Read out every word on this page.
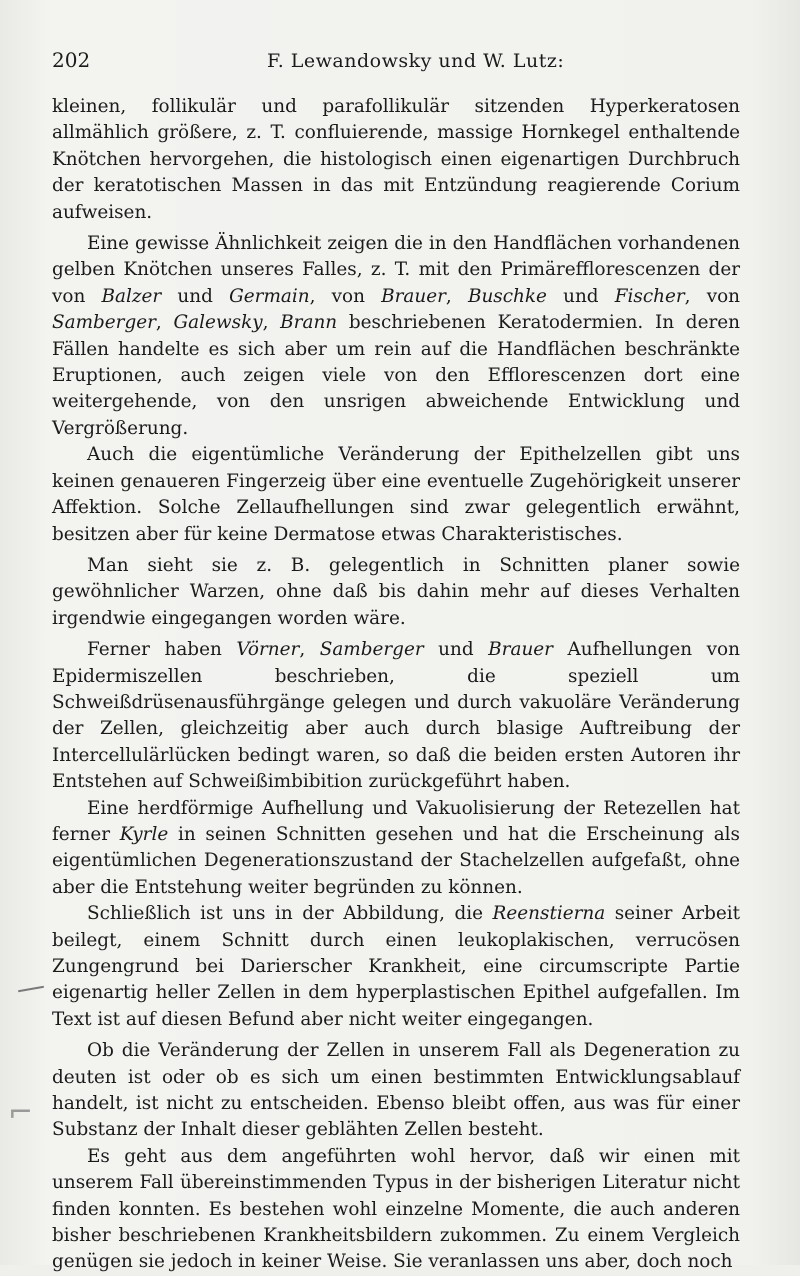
202	F. Lewandowsky und W. Lutz:

kleinen, follikulär und parafollikulär sitzenden Hyperkeratosen allmählich größere, z. T. confluierende, massige Hornkegel enthaltende Knötchen hervorgehen, die histologisch einen eigenartigen Durchbruch der keratotischen Massen in das mit Entzündung reagierende Corium aufweisen.

Eine gewisse Ähnlichkeit zeigen die in den Handflächen vorhandenen gelben Knötchen unseres Falles, z. T. mit den Primärefflorescenzen der von Balzer und Germain, von Brauer, Buschke und Fischer, von Samberger, Galewsky, Brann beschriebenen Keratodermien. In deren Fällen handelte es sich aber um rein auf die Handflächen beschränkte Eruptionen, auch zeigen viele von den Efflorescenzen dort eine weitergehende, von den unsrigen abweichende Entwicklung und Vergrößerung.

Auch die eigentümliche Veränderung der Epithelzellen gibt uns keinen genaueren Fingerzeig über eine eventuelle Zugehörigkeit unserer Affektion. Solche Zellaufhellungen sind zwar gelegentlich erwähnt, besitzen aber für keine Dermatose etwas Charakteristisches.

Man sieht sie z. B. gelegentlich in Schnitten planer sowie gewöhnlicher Warzen, ohne daß bis dahin mehr auf dieses Verhalten irgendwie eingegangen worden wäre.

Ferner haben Vörner, Samberger und Brauer Aufhellungen von Epidermiszellen beschrieben, die speziell um Schweißdrüsenausführgänge gelegen und durch vakuoläre Veränderung der Zellen, gleichzeitig aber auch durch blasige Auftreibung der Intercellulärlücken bedingt waren, so daß die beiden ersten Autoren ihr Entstehen auf Schweißimbibition zurückgeführt haben.

Eine herdförmige Aufhellung und Vakuolisierung der Retezellen hat ferner Kyrle in seinen Schnitten gesehen und hat die Erscheinung als eigentümlichen Degenerationszustand der Stachelzellen aufgefaßt, ohne aber die Entstehung weiter begründen zu können.

Schließlich ist uns in der Abbildung, die Reenstierna seiner Arbeit beilegt, einem Schnitt durch einen leukoplakischen, verrucösen Zungengrund bei Darierscher Krankheit, eine circumscripte Partie eigenartig heller Zellen in dem hyperplastischen Epithel aufgefallen. Im Text ist auf diesen Befund aber nicht weiter eingegangen.

Ob die Veränderung der Zellen in unserem Fall als Degeneration zu deuten ist oder ob es sich um einen bestimmten Entwicklungsablauf handelt, ist nicht zu entscheiden. Ebenso bleibt offen, aus was für einer Substanz der Inhalt dieser geblähten Zellen besteht.

Es geht aus dem angeführten wohl hervor, daß wir einen mit unserem Fall übereinstimmenden Typus in der bisherigen Literatur nicht finden konnten. Es bestehen wohl einzelne Momente, die auch anderen bisher beschriebenen Krankheitsbildern zukommen. Zu einem Vergleich genügen sie jedoch in keiner Weise. Sie veranlassen uns aber, doch noch

⌐
